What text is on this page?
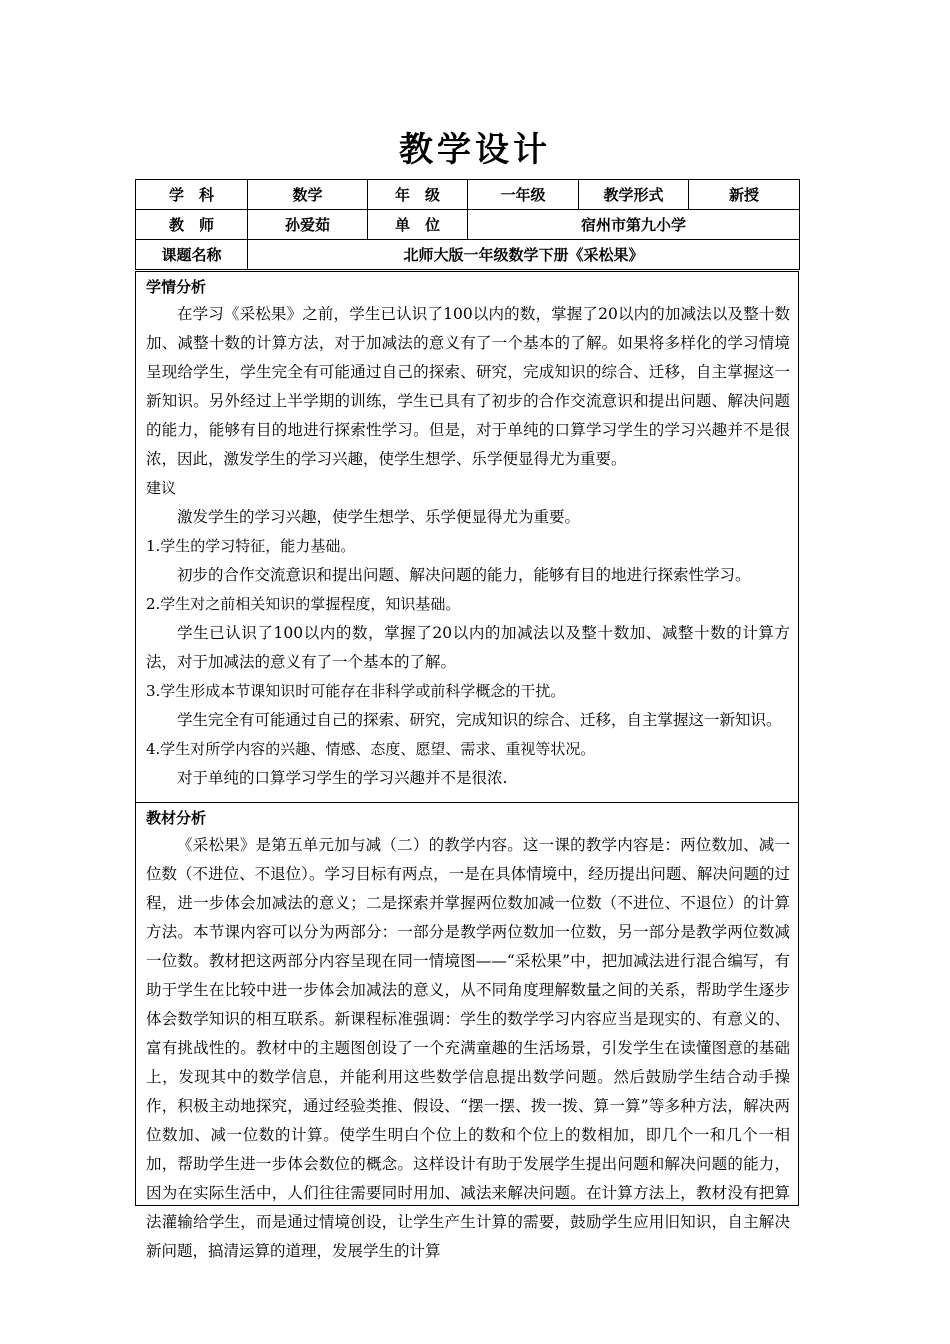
教学设计
学　科	数学	年　级	一年级	教学形式	新授
教　师	孙爱茹	单　位	宿州市第九小学		
课题名称	北师大版一年级数学下册《采松果》				
学情分析

在学习《采松果》之前，学生已认识了100以内的数，掌握了20以内的加减法以及整十数加、减整十数的计算方法，对于加减法的意义有了一个基本的了解。如果将多样化的学习情境呈现给学生，学生完全有可能通过自己的探索、研究，完成知识的综合、迁移，自主掌握这一新知识。另外经过上半学期的训练，学生已具有了初步的合作交流意识和提出问题、解决问题的能力，能够有目的地进行探索性学习。但是，对于单纯的口算学习学生的学习兴趣并不是很浓，因此，激发学生的学习兴趣，使学生想学、乐学便显得尤为重要。

建议

激发学生的学习兴趣，使学生想学、乐学便显得尤为重要。

1.学生的学习特征，能力基础。

初步的合作交流意识和提出问题、解决问题的能力，能够有目的地进行探索性学习。

2.学生对之前相关知识的掌握程度，知识基础。

学生已认识了100以内的数，掌握了20以内的加减法以及整十数加、减整十数的计算方法，对于加减法的意义有了一个基本的了解。

3.学生形成本节课知识时可能存在非科学或前科学概念的干扰。

学生完全有可能通过自己的探索、研究，完成知识的综合、迁移，自主掌握这一新知识。

4.学生对所学内容的兴趣、情感、态度、愿望、需求、重视等状况。

对于单纯的口算学习学生的学习兴趣并不是很浓.

教材分析

《采松果》是第五单元加与减（二）的教学内容。这一课的教学内容是：两位数加、减一位数（不进位、不退位）。学习目标有两点，一是在具体情境中，经历提出问题、解决问题的过程，进一步体会加减法的意义；二是探索并掌握两位数加减一位数（不进位、不退位）的计算方法。本节课内容可以分为两部分：一部分是教学两位数加一位数，另一部分是教学两位数减一位数。教材把这两部分内容呈现在同一情境图——“采松果”中，把加减法进行混合编写，有助于学生在比较中进一步体会加减法的意义，从不同角度理解数量之间的关系，帮助学生逐步体会数学知识的相互联系。新课程标准强调：学生的数学学习内容应当是现实的、有意义的、富有挑战性的。教材中的主题图创设了一个充满童趣的生活场景，引发学生在读懂图意的基础上，发现其中的数学信息，并能利用这些数学信息提出数学问题。然后鼓励学生结合动手操作，积极主动地探究，通过经验类推、假设、“摆一摆、拨一拨、算一算”等多种方法，解决两位数加、减一位数的计算。使学生明白个位上的数和个位上的数相加，即几个一和几个一相加，帮助学生进一步体会数位的概念。这样设计有助于发展学生提出问题和解决问题的能力，因为在实际生活中，人们往往需要同时用加、减法来解决问题。在计算方法上，教材没有把算法灌输给学生，而是通过情境创设，让学生产生计算的需要，鼓励学生应用旧知识，自主解决新问题，搞清运算的道理，发展学生的计算
